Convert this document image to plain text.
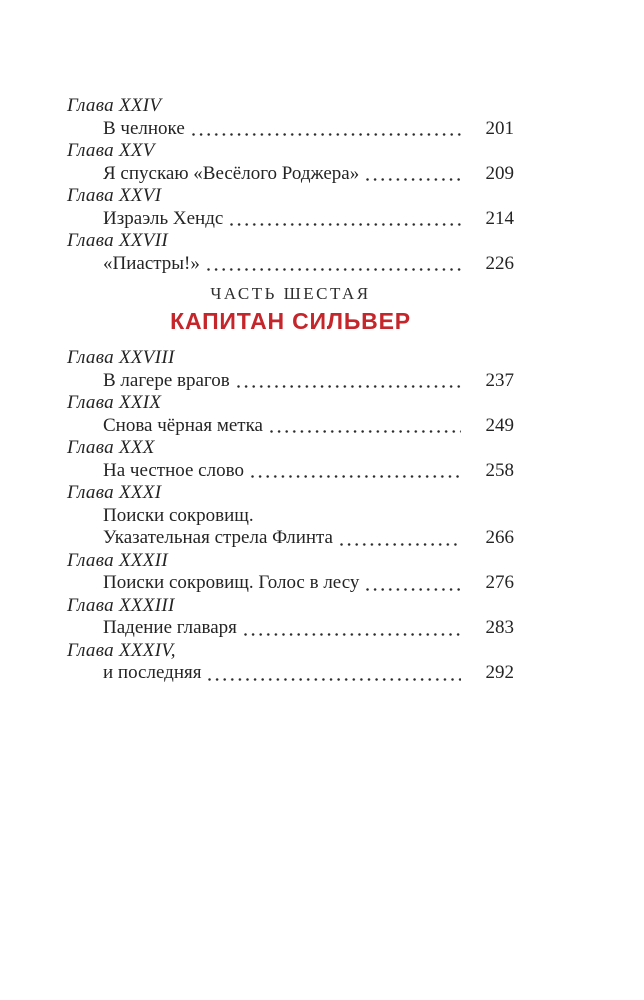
Глава XXIV
В челноке	201
Глава XXV
Я спускаю «Весёлого Роджера»	209
Глава XXVI
Израэль Хендс	214
Глава XXVII
«Пиастры!»	226
ЧАСТЬ ШЕСТАЯ
КАПИТАН СИЛЬВЕР
Глава XXVIII
В лагере врагов	237
Глава XXIX
Снова чёрная метка	249
Глава XXX
На честное слово	258
Глава XXXI
Поиски сокровищ.
Указательная стрела Флинта	266
Глава XXXII
Поиски сокровищ. Голос в лесу	276
Глава XXXIII
Падение главаря	283
Глава XXXIV,
и последняя	292
